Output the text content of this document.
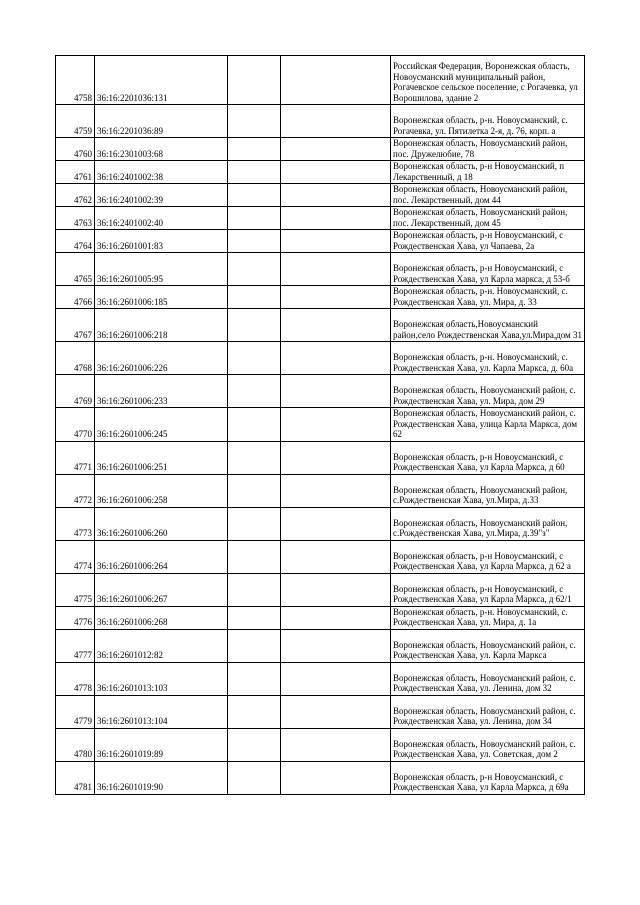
4758	36:16:2201036:131			Российская Федерация, Воронежская область, Новоусманский муниципальный район, Рогачевское сельское поселение, с Рогачевка, ул Ворошилова, здание 2
4759	36:16:2201036:89			Воронежская область, р-н. Новоусманский, с. Рогачевка, ул. Пятилетка 2-я, д. 76, корп. а
4760	36:16:2301003:68			Воронежская область, Новоусманский район, пос. Дружелюбие, 78
4761	36:16:2401002:38			Воронежская область, р-н Новоусманский, п Лекарственный, д 18
4762	36:16:2401002:39			Воронежская область, Новоусманский район, пос. Лекарственный, дом 44
4763	36:16:2401002:40			Воронежская область, Новоусманский район, пос. Лекарственный, дом 45
4764	36:16:2601001:83			Воронежская область, р-н Новоусманский, с Рождественская Хава, ул Чапаева, 2а
4765	36:16:2601005:95			Воронежская область, р-н Новоусманский, с Рождественская Хава, ул Карла маркса, д 53-б
4766	36:16:2601006:185			Воронежская область, р-н. Новоусманский, с. Рождественская Хава, ул. Мира, д. 33
4767	36:16:2601006:218			Воронежская область,Новоусманский район,село Рождественская Хава,ул.Мира,дом 31
4768	36:16:2601006:226			Воронежская область, р-н. Новоусманский, с. Рождественская Хава, ул. Карла Маркса, д. 60а
4769	36:16:2601006:233			Воронежская область, Новоусманский район, с. Рождественская Хава, ул. Мира, дом 29
4770	36:16:2601006:245			Воронежская область, Новоусманский район, с. Рождественская Хава, улица Карла Маркса, дом 62
4771	36:16:2601006:251			Воронежская область, р-н Новоусманский, с Рождественская Хава, ул Карла Маркса, д 60
4772	36:16:2601006:258			Воронежская область, Новоусманский район, с.Рождественская Хава, ул.Мира, д.33
4773	36:16:2601006:260			Воронежская область, Новоусманский район, с.Рождественская Хава, ул.Мира, д.39"з"
4774	36:16:2601006:264			Воронежская область, р-н Новоусманский, с Рождественская Хава, ул Карла Маркса, д 62 а
4775	36:16:2601006:267			Воронежская область, р-н Новоусманский, с Рождественская Хава, ул Карла Маркса, д 62/1
4776	36:16:2601006:268			Воронежская область, р-н. Новоусманский, с. Рождественская Хава, ул. Мира, д. 1а
4777	36:16:2601012:82			Воронежская область, Новоусманский район, с. Рождественская Хава, ул. Карла Маркса
4778	36:16:2601013:103			Воронежская область, Новоусманский район, с. Рождественская Хава, ул. Ленина, дом 32
4779	36:16:2601013:104			Воронежская область, Новоусманский район, с. Рождественская Хава, ул. Ленина, дом 34
4780	36:16:2601019:89			Воронежская область, Новоусманский район, с. Рождественская Хава, ул. Советская, дом 2
4781	36:16:2601019:90			Воронежская область, р-н Новоусманский, с Рождественская Хава, ул Карла Маркса, д 69а
